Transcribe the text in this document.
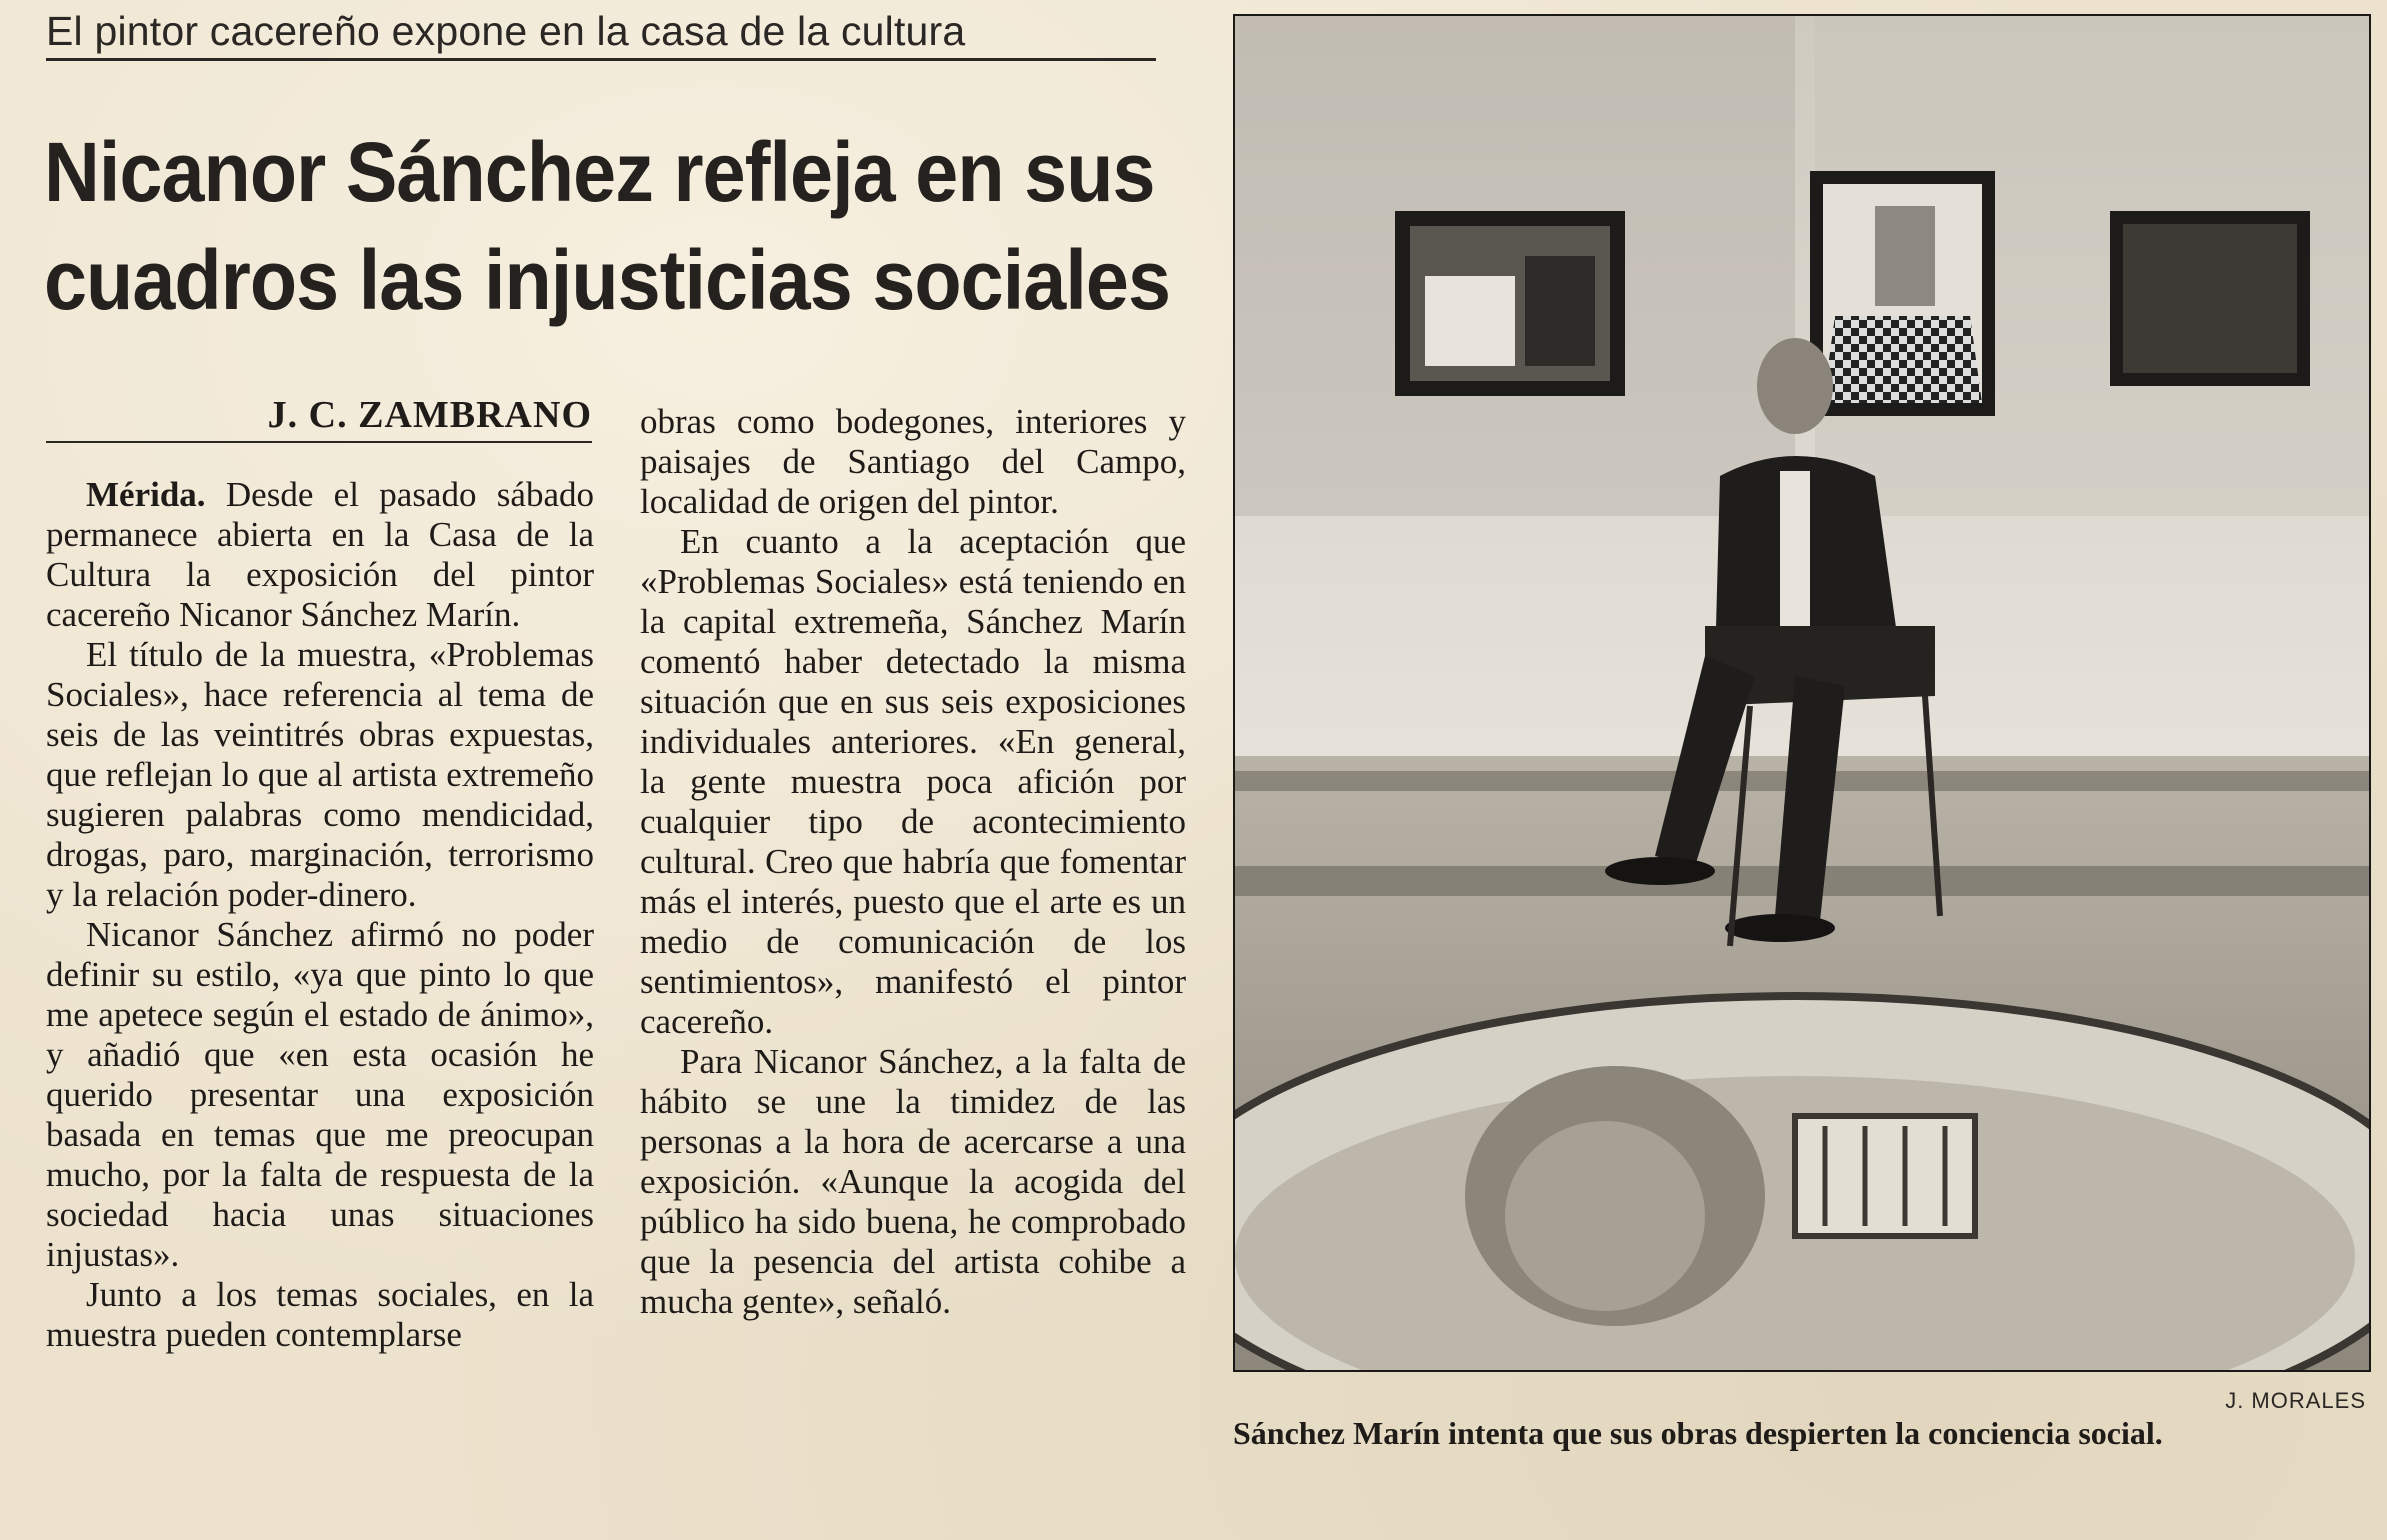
El pintor cacereño expone en la casa de la cultura
Nicanor Sánchez refleja en sus
cuadros las injusticias sociales
J. C. ZAMBRANO

Mérida. Desde el pasado sábado permanece abierta en la Casa de la Cultura la exposición del pintor cacereño Nicanor Sánchez Marín.

El título de la muestra, «Problemas Sociales», hace referencia al tema de seis de las veintitrés obras expuestas, que reflejan lo que al artista extremeño sugieren palabras como mendicidad, drogas, paro, marginación, terrorismo y la relación poder-dinero.

Nicanor Sánchez afirmó no poder definir su estilo, «ya que pinto lo que me apetece según el estado de ánimo», y añadió que «en esta ocasión he querido presentar una exposición basada en temas que me preocupan mucho, por la falta de respuesta de la sociedad hacia unas situaciones injustas».

Junto a los temas sociales, en la muestra pueden contemplarse

obras como bodegones, interiores y paisajes de Santiago del Campo, localidad de origen del pintor.

En cuanto a la aceptación que «Problemas Sociales» está teniendo en la capital extremeña, Sánchez Marín comentó haber detectado la misma situación que en sus seis exposiciones individuales anteriores. «En general, la gente muestra poca afición por cualquier tipo de acontecimiento cultural. Creo que habría que fomentar más el interés, puesto que el arte es un medio de comunicación de los sentimientos», manifestó el pintor cacereño.

Para Nicanor Sánchez, a la falta de hábito se une la timidez de las personas a la hora de acercarse a una exposición. «Aunque la acogida del público ha sido buena, he comprobado que la pesencia del artista cohibe a mucha gente», señaló.

J. MORALES
Sánchez Marín intenta que sus obras despierten la conciencia social.
